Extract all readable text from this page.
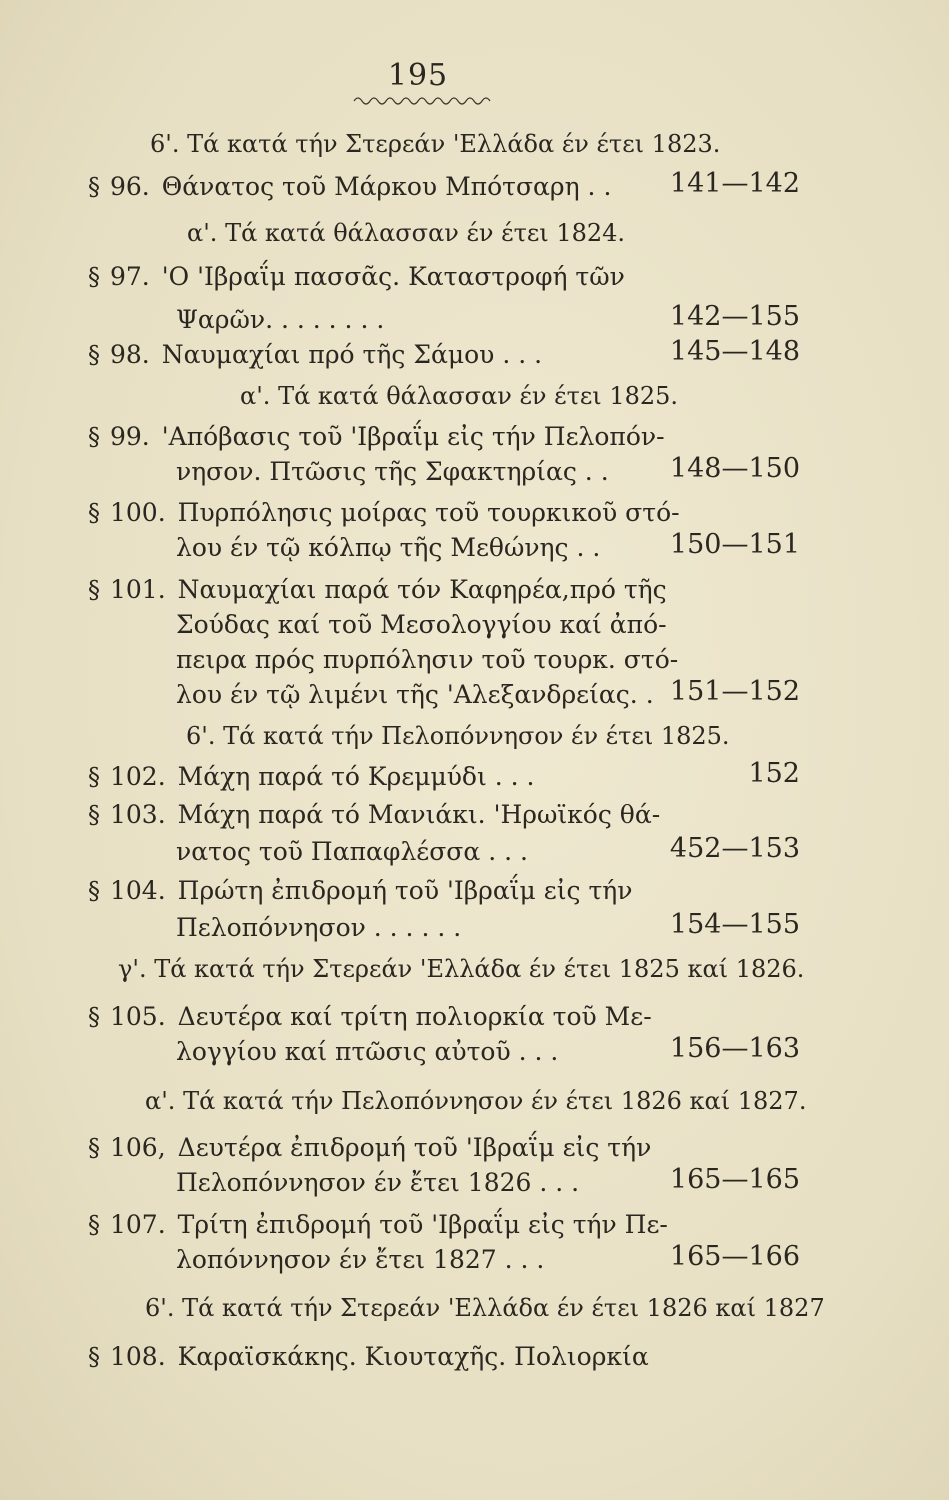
195
6'. Τά κατά τήν Στερεάν 'Ελλάδα έν έτει 1823.
§ 96. Θάνατος τοῦ Μάρκου Μπότσαρη . .	141—142
α'. Τά κατά θάλασσαν έν έτει 1824.
§ 97. 'Ο 'Ιβραΐμ πασσᾶς. Καταστροφή τῶν
Ψαρῶν. . . . . . . .	142—155
§ 98. Ναυμαχίαι πρό τῆς Σάμου . . .	145—148
α'. Τά κατά θάλασσαν έν έτει 1825.
§ 99. 'Απόβασις τοῦ 'Ιβραΐμ εἰς τήν Πελοπόν-
νησον. Πτῶσις τῆς Σφακτηρίας . .	148—150
§ 100. Πυρπόλησις μοίρας τοῦ τουρκικοῦ στό-
λου έν τῷ κόλπῳ τῆς Μεθώνης . .	150—151
§ 101. Ναυμαχίαι παρά τόν Καφηρέα,πρό τῆς
Σούδας καί τοῦ Μεσολογγίου καί ἀπό-
πειρα πρός πυρπόλησιν τοῦ τουρκ. στό-
λου έν τῷ λιμένι τῆς 'Αλεξανδρείας. . 151—152
6'. Τά κατά τήν Πελοπόννησον έν έτει 1825.
§ 102. Μάχη παρά τό Κρεμμύδι . . .	152
§ 103. Μάχη παρά τό Μανιάκι. 'Ηρωϊκός θά-
νατος τοῦ Παπαφλέσσα . . .	452—153
§ 104. Πρώτη ἐπιδρομή τοῦ 'Ιβραΐμ εἰς τήν
Πελοπόννησον . . . . . .	154—155
γ'. Τά κατά τήν Στερεάν 'Ελλάδα έν έτει 1825 καί 1826.
§ 105. Δευτέρα καί τρίτη πολιορκία τοῦ Με-
λογγίου καί πτῶσις αὐτοῦ . . .	156—163
α'. Τά κατά τήν Πελοπόννησον έν έτει 1826 καί 1827.
§ 106, Δευτέρα ἐπιδρομή τοῦ 'Ιβραΐμ εἰς τήν
Πελοπόννησον έν ἔτει 1826 . . .	165—165
§ 107. Τρίτη ἐπιδρομή τοῦ 'Ιβραΐμ εἰς τήν Πε-
λοπόννησον έν ἔτει 1827 . . .	165—166
6'. Τά κατά τήν Στερεάν 'Ελλάδα έν έτει 1826 καί 1827
§ 108. Καραϊσκάκης. Κιουταχῆς. Πολιορκία
